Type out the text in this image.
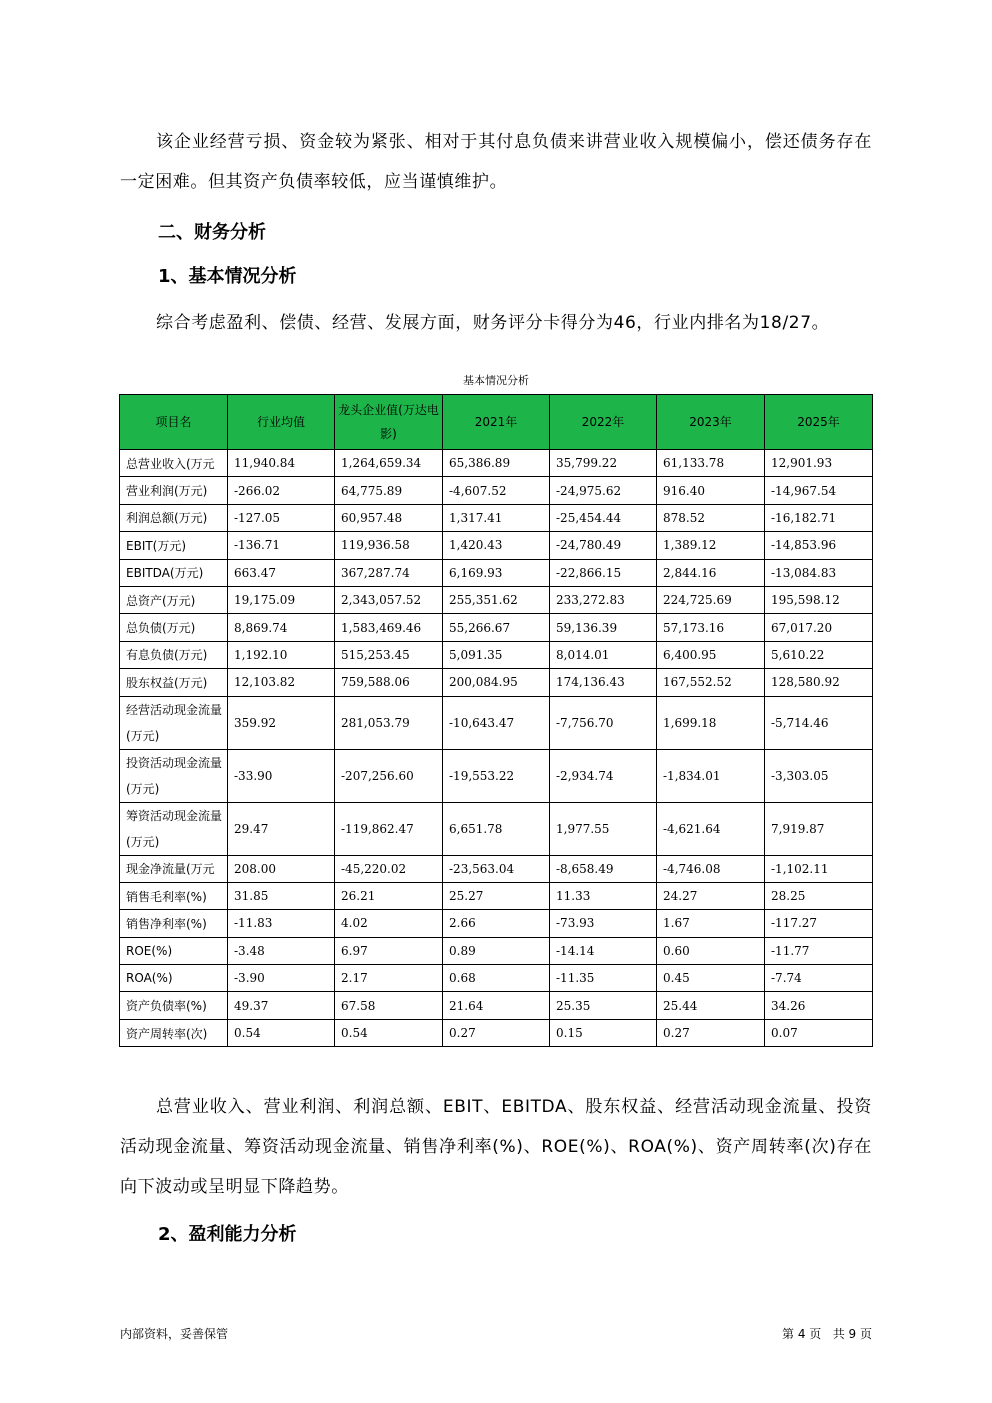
该企业经营亏损、资金较为紧张、相对于其付息负债来讲营业收入规模偏小，偿还债务存在一定困难。但其资产负债率较低，应当谨慎维护。
二、财务分析
1、基本情况分析
综合考虑盈利、偿债、经营、发展方面，财务评分卡得分为46，行业内排名为18/27。
基本情况分析
项目名	行业均值	龙头企业值(万达电影)	2021年	2022年	2023年	2025年
总营业收入(万元	11,940.84	1,264,659.34	65,386.89	35,799.22	61,133.78	12,901.93
营业利润(万元)	-266.02	64,775.89	-4,607.52	-24,975.62	916.40	-14,967.54
利润总额(万元)	-127.05	60,957.48	1,317.41	-25,454.44	878.52	-16,182.71
EBIT(万元)	-136.71	119,936.58	1,420.43	-24,780.49	1,389.12	-14,853.96
EBITDA(万元)	663.47	367,287.74	6,169.93	-22,866.15	2,844.16	-13,084.83
总资产(万元)	19,175.09	2,343,057.52	255,351.62	233,272.83	224,725.69	195,598.12
总负债(万元)	8,869.74	1,583,469.46	55,266.67	59,136.39	57,173.16	67,017.20
有息负债(万元)	1,192.10	515,253.45	5,091.35	8,014.01	6,400.95	5,610.22
股东权益(万元)	12,103.82	759,588.06	200,084.95	174,136.43	167,552.52	128,580.92
经营活动现金流量(万元)	359.92	281,053.79	-10,643.47	-7,756.70	1,699.18	-5,714.46
投资活动现金流量(万元)	-33.90	-207,256.60	-19,553.22	-2,934.74	-1,834.01	-3,303.05
筹资活动现金流量(万元)	29.47	-119,862.47	6,651.78	1,977.55	-4,621.64	7,919.87
现金净流量(万元	208.00	-45,220.02	-23,563.04	-8,658.49	-4,746.08	-1,102.11
销售毛利率(%)	31.85	26.21	25.27	11.33	24.27	28.25
销售净利率(%)	-11.83	4.02	2.66	-73.93	1.67	-117.27
ROE(%)	-3.48	6.97	0.89	-14.14	0.60	-11.77
ROA(%)	-3.90	2.17	0.68	-11.35	0.45	-7.74
资产负债率(%)	49.37	67.58	21.64	25.35	25.44	34.26
资产周转率(次)	0.54	0.54	0.27	0.15	0.27	0.07
总营业收入、营业利润、利润总额、EBIT、EBITDA、股东权益、经营活动现金流量、投资活动现金流量、筹资活动现金流量、销售净利率(%)、ROE(%)、ROA(%)、资产周转率(次)存在向下波动或呈明显下降趋势。
2、盈利能力分析
内部资料，妥善保管	第 4 页   共 9 页
